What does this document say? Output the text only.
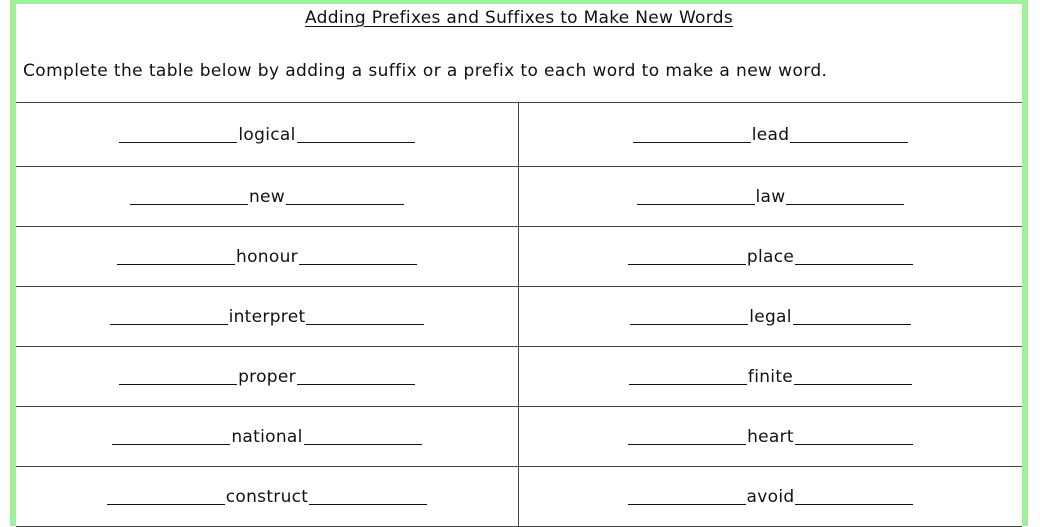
Adding Prefixes and Suffixes to Make New Words
Complete the table below by adding a suffix or a prefix to each word to make a new word.
logical	lead
new	law
honour	place
interpret	legal
proper	finite
national	heart
construct	avoid
